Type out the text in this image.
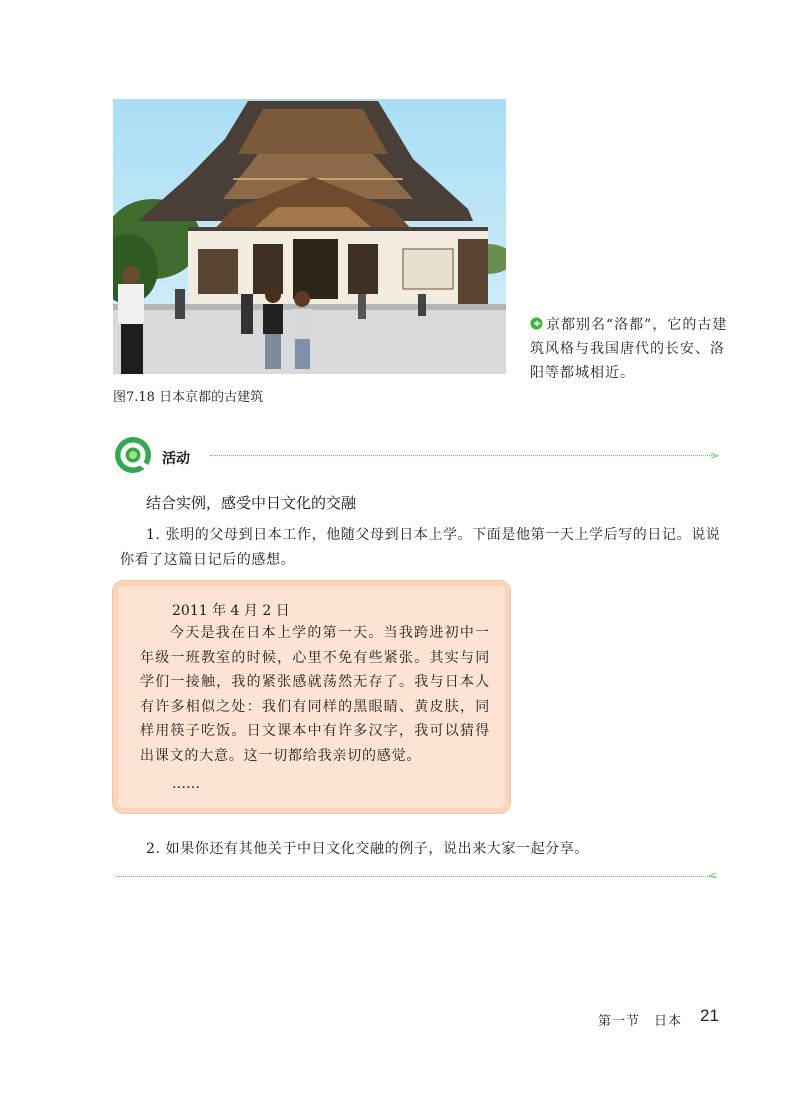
图7.18 日本京都的古建筑
京都别名“洛都”，它的古建筑风格与我国唐代的长安、洛阳等都城相近。
活动	>
结合实例，感受中日文化的交融
1. 张明的父母到日本工作，他随父母到日本上学。下面是他第一天上学后写的日记。说说你看了这篇日记后的感想。
2011 年 4 月 2 日
今天是我在日本上学的第一天。当我跨进初中一年级一班教室的时候，心里不免有些紧张。其实与同学们一接触，我的紧张感就荡然无存了。我与日本人有许多相似之处：我们有同样的黑眼睛、黄皮肤，同样用筷子吃饭。日文课本中有许多汉字，我可以猜得出课文的大意。这一切都给我亲切的感觉。
……
2. 如果你还有其他关于中日文化交融的例子，说出来大家一起分享。
<
第一节　日本 21
